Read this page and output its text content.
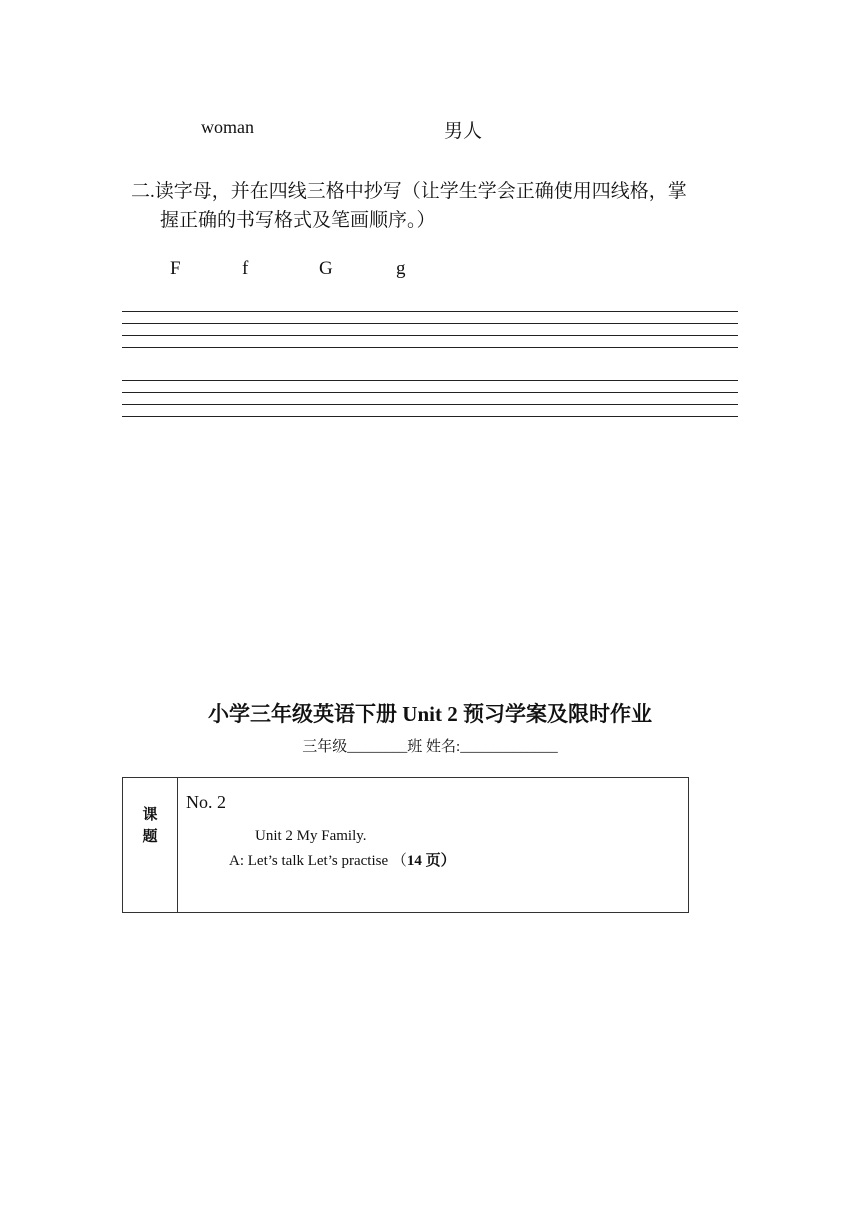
woman	男人
二.读字母，并在四线三格中抄写（让学生学会正确使用四线格，掌
握正确的书写格式及笔画顺序。）
F	f	G	g
小学三年级英语下册 Unit 2 预习学案及限时作业
三年级________班 姓名:_____________
课
题
No. 2
Unit 2 My Family.
A: Let’s talk Let’s practise （14 页）
